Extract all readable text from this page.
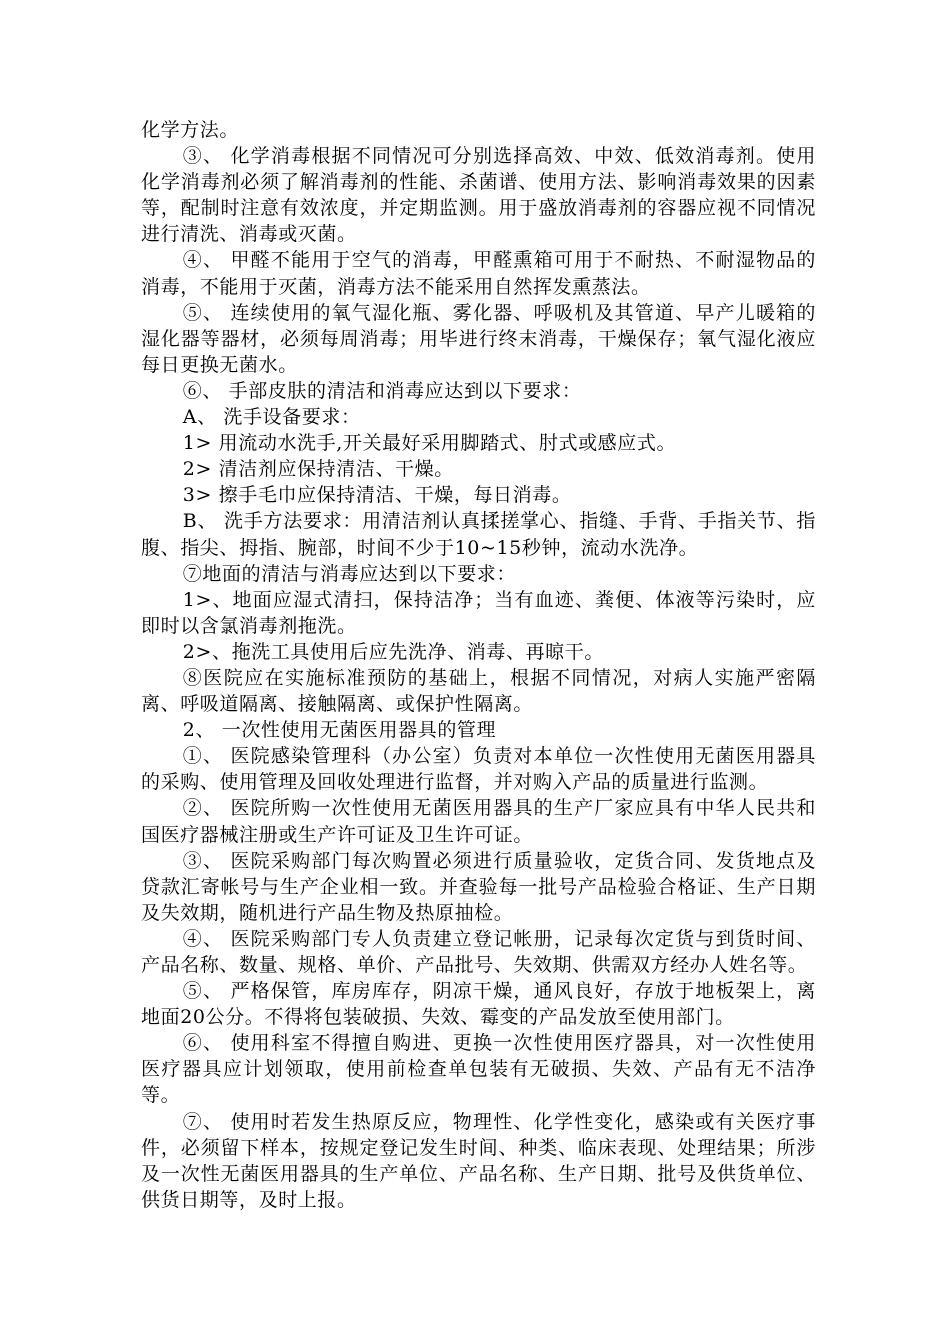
化学方法。

③、 化学消毒根据不同情况可分别选择高效、中效、低效消毒剂。使用化学消毒剂必须了解消毒剂的性能、杀菌谱、使用方法、影响消毒效果的因素等，配制时注意有效浓度，并定期监测。用于盛放消毒剂的容器应视不同情况进行清洗、消毒或灭菌。

④、 甲醛不能用于空气的消毒，甲醛熏箱可用于不耐热、不耐湿物品的消毒，不能用于灭菌，消毒方法不能采用自然挥发熏蒸法。

⑤、 连续使用的氧气湿化瓶、雾化器、呼吸机及其管道、早产儿暖箱的湿化器等器材，必须每周消毒；用毕进行终末消毒，干燥保存；氧气湿化液应每日更换无菌水。

⑥、 手部皮肤的清洁和消毒应达到以下要求：

A、 洗手设备要求：

1> 用流动水洗手,开关最好采用脚踏式、肘式或感应式。

2> 清洁剂应保持清洁、干燥。

3> 擦手毛巾应保持清洁、干燥，每日消毒。

B、 洗手方法要求：用清洁剂认真揉搓掌心、指缝、手背、手指关节、指腹、指尖、拇指、腕部，时间不少于10~15秒钟，流动水洗净。

⑦地面的清洁与消毒应达到以下要求：

1>、地面应湿式清扫，保持洁净；当有血迹、粪便、体液等污染时，应即时以含氯消毒剂拖洗。

2>、拖洗工具使用后应先洗净、消毒、再晾干。

⑧医院应在实施标准预防的基础上，根据不同情况，对病人实施严密隔离、呼吸道隔离、接触隔离、或保护性隔离。

2、 一次性使用无菌医用器具的管理

①、 医院感染管理科（办公室）负责对本单位一次性使用无菌医用器具的采购、使用管理及回收处理进行监督，并对购入产品的质量进行监测。

②、 医院所购一次性使用无菌医用器具的生产厂家应具有中华人民共和国医疗器械注册或生产许可证及卫生许可证。

③、 医院采购部门每次购置必须进行质量验收，定货合同、发货地点及贷款汇寄帐号与生产企业相一致。并查验每一批号产品检验合格证、生产日期及失效期，随机进行产品生物及热原抽检。

④、 医院采购部门专人负责建立登记帐册，记录每次定货与到货时间、产品名称、数量、规格、单价、产品批号、失效期、供需双方经办人姓名等。

⑤、 严格保管，库房库存，阴凉干燥，通风良好，存放于地板架上，离地面20公分。不得将包装破损、失效、霉变的产品发放至使用部门。

⑥、 使用科室不得擅自购进、更换一次性使用医疗器具，对一次性使用医疗器具应计划领取，使用前检查单包装有无破损、失效、产品有无不洁净等。

⑦、 使用时若发生热原反应，物理性、化学性变化，感染或有关医疗事件，必须留下样本，按规定登记发生时间、种类、临床表现、处理结果；所涉及一次性无菌医用器具的生产单位、产品名称、生产日期、批号及供货单位、供货日期等，及时上报。
